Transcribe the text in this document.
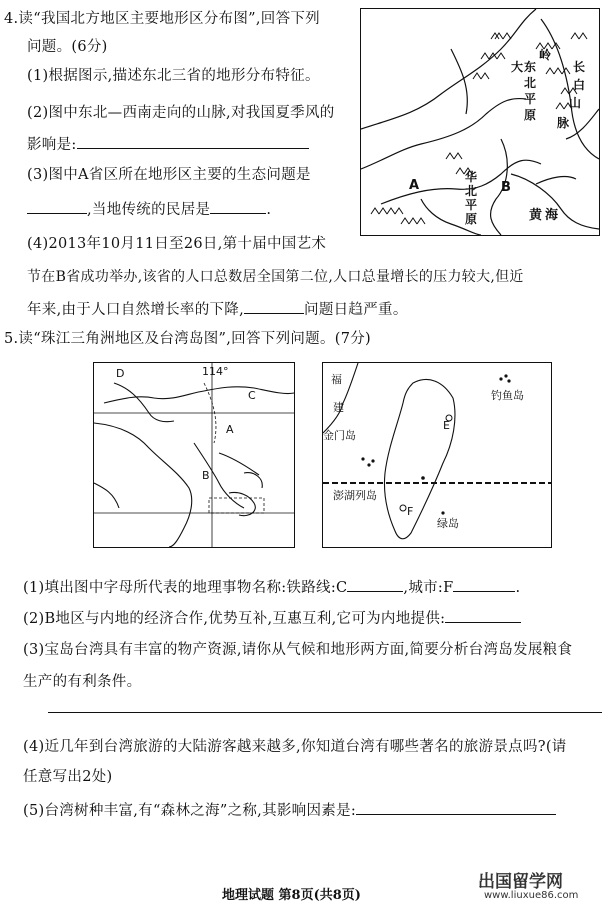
4.读“我国北方地区主要地形区分布图”,回答下列
问题。(6分)
(1)根据图示,描述东北三省的地形分布特征。
(2)图中东北—西南走向的山脉,对我国夏季风的
影响是:
(3)图中A省区所在地形区主要的生态问题是
,当地传统的民居是	.
(4)2013年10月11日至26日,第十届中国艺术
节在B省成功举办,该省的人口总数居全国第二位,人口总量增长的压力较大,但近
年来,由于人口自然增长率的下降,	问题日趋严重。
东
北
平
原
华
北
平
原
大
A	B
黄 海
长
白
山
脉
岭
5.读“珠江三角洲地区及台湾岛图”,回答下列问题。(7分)
D	114°
C
A
B
福
建
钓鱼岛
金门岛
E
澎湖列岛
F
绿岛
(1)填出图中字母所代表的地理事物名称:铁路线:C	,城市:F	.
(2)B地区与内地的经济合作,优势互补,互惠互利,它可为内地提供:
(3)宝岛台湾具有丰富的物产资源,请你从气候和地形两方面,简要分析台湾岛发展粮食
生产的有利条件。
(4)近几年到台湾旅游的大陆游客越来越多,你知道台湾有哪些著名的旅游景点吗?(请
任意写出2处)
(5)台湾树种丰富,有“森林之海”之称,其影响因素是:
地理试题 第8页(共8页)
出国留学网
www.liuxue86.com
